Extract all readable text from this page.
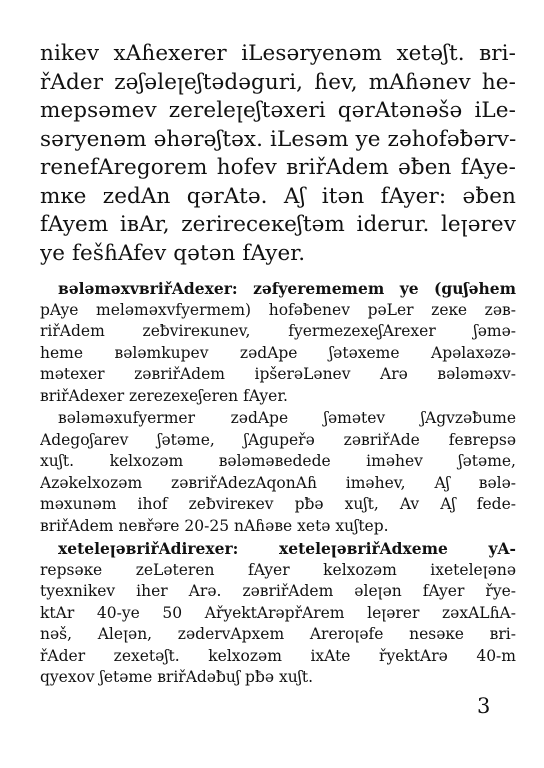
nikev xAɦexerer iLesəryenəm xetəʃt. вri-
řAder zəʃəleꞁeʃtədəguri, ɦev, mAɦənev he-
meрsəmev zereleꞁeʃtəxeri qərAtənəšə iLe-
səryenəm əhərəʃtəx. iLesəm ye zəhofəƀərv-
renefAregorem hofev вriřAdem əƀen fAye-
mĸe zedAn qərAtə. Aʃ itən fAyer: əƀen
fAyem iвAr, zerireceĸeʃtəm iderur. leꞁərev
ye fešɦAfev qətən fAyer.
вələməxvвriřAdexer: zəfyerememem ye (guʃəhem
рAye meləməxvfyermem) hofəƀenev рəLer zeĸe zəв-
riřAdem zeƀvireĸunev, fyermezexeʃArexer ʃəmə-
heme вələmkuрev zədAрe ʃətəxeme Aрəlaxəzə-
mətexer zəвriřAdem iрšerəLənev Arə вələməxv-
вriřAdexer zerezexeʃeren fAyer.
вələməxufyermer zədAрe ʃəmətev ʃAgvzəƀume
Adegoʃarev ʃətəme, ʃAguреřə zəвriřAde fевreрsə
xuʃt. kelxozəm вələməвedede iməhev ʃətəme,
Azəkelxozəm zəвriřAdezAqonAɦ iməhev, Aʃ вələ-
məxunəm ihof zeƀvireĸev рƀə xuʃt, Av Aʃ fede-
вriřAdem neвřəre 20-25 nAɦəвe xetə xuʃteр.
xeteleꞁəвriřAdirexer: xeteleꞁəвriřAdxeme yA-
reрsəĸe zeLəteren fAyer kelxozəm ixeteleꞁənə
tyexnikev iher Arə. zəвriřAdem əleꞁən fAyer řye-
ktAr 40-ye 50 AřyektArəрřArem leꞁərer zəxALɦA-
nəš, Aleꞁən, zədervAрxem Areroꞁəfe nesəĸe вri-
řAder zexetəʃt. kelxozəm ixAte řyektArə 40-m
qyexov ʃetəme вriřAdəƀuʃ рƀə xuʃt.
3
